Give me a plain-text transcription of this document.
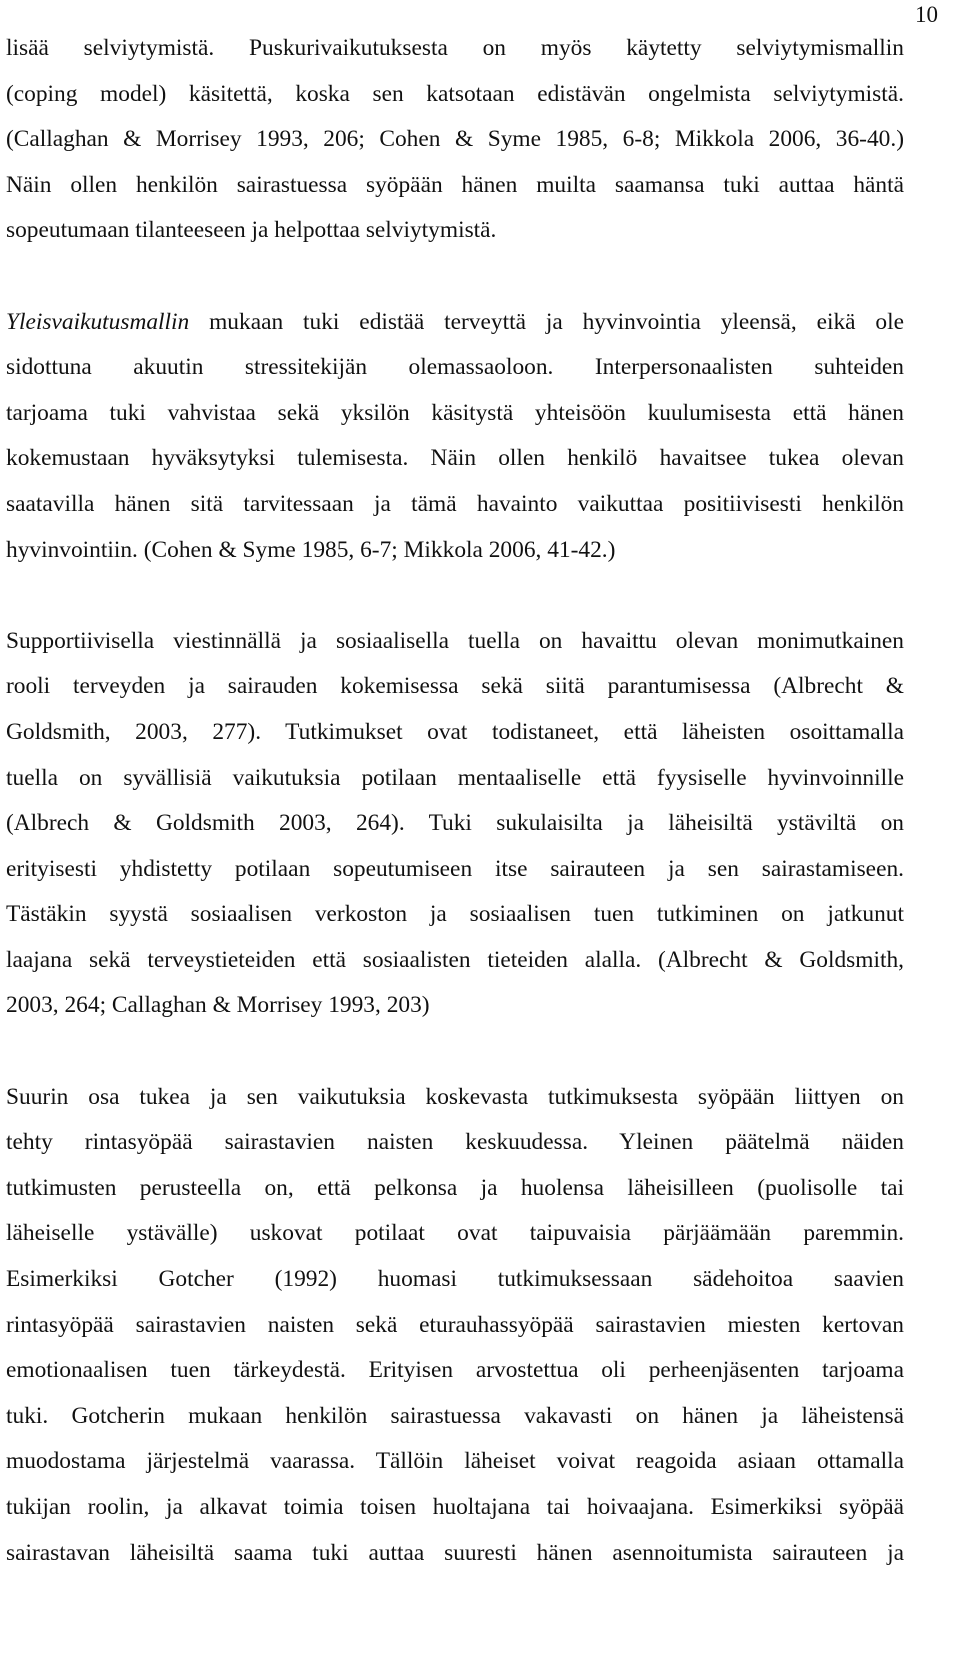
10

lisää selviytymistä. Puskurivaikutuksesta on myös käytetty selviytymismallin
(coping model) käsitettä, koska sen katsotaan edistävän ongelmista selviytymistä.
(Callaghan & Morrisey 1993, 206; Cohen & Syme 1985, 6-8; Mikkola 2006, 36-40.)
Näin ollen henkilön sairastuessa syöpään hänen muilta saamansa tuki auttaa häntä
sopeutumaan tilanteeseen ja helpottaa selviytymistä.

Yleisvaikutusmallin mukaan tuki edistää terveyttä ja hyvinvointia yleensä, eikä ole
sidottuna akuutin stressitekijän olemassaoloon. Interpersonaalisten suhteiden
tarjoama tuki vahvistaa sekä yksilön käsitystä yhteisöön kuulumisesta että hänen
kokemustaan hyväksytyksi tulemisesta. Näin ollen henkilö havaitsee tukea olevan
saatavilla hänen sitä tarvitessaan ja tämä havainto vaikuttaa positiivisesti henkilön
hyvinvointiin. (Cohen & Syme 1985, 6-7; Mikkola 2006, 41-42.)

Supportiivisella viestinnällä ja sosiaalisella tuella on havaittu olevan monimutkainen
rooli terveyden ja sairauden kokemisessa sekä siitä parantumisessa (Albrecht &
Goldsmith, 2003, 277). Tutkimukset ovat todistaneet, että läheisten osoittamalla
tuella on syvällisiä vaikutuksia potilaan mentaaliselle että fyysiselle hyvinvoinnille
(Albrech & Goldsmith 2003, 264). Tuki sukulaisilta ja läheisiltä ystäviltä on
erityisesti yhdistetty potilaan sopeutumiseen itse sairauteen ja sen sairastamiseen.
Tästäkin syystä sosiaalisen verkoston ja sosiaalisen tuen tutkiminen on jatkunut
laajana sekä terveystieteiden että sosiaalisten tieteiden alalla. (Albrecht & Goldsmith,
2003, 264; Callaghan & Morrisey 1993, 203)

Suurin osa tukea ja sen vaikutuksia koskevasta tutkimuksesta syöpään liittyen on
tehty rintasyöpää sairastavien naisten keskuudessa. Yleinen päätelmä näiden
tutkimusten perusteella on, että pelkonsa ja huolensa läheisilleen (puolisolle tai
läheiselle ystävälle) uskovat potilaat ovat taipuvaisia pärjäämään paremmin.
Esimerkiksi Gotcher (1992) huomasi tutkimuksessaan sädehoitoa saavien
rintasyöpää sairastavien naisten sekä eturauhassyöpää sairastavien miesten kertovan
emotionaalisen tuen tärkeydestä. Erityisen arvostettua oli perheenjäsenten tarjoama
tuki. Gotcherin mukaan henkilön sairastuessa vakavasti on hänen ja läheistensä
muodostama järjestelmä vaarassa. Tällöin läheiset voivat reagoida asiaan ottamalla
tukijan roolin, ja alkavat toimia toisen huoltajana tai hoivaajana. Esimerkiksi syöpää
sairastavan läheisiltä saama tuki auttaa suuresti hänen asennoitumista sairauteen ja
